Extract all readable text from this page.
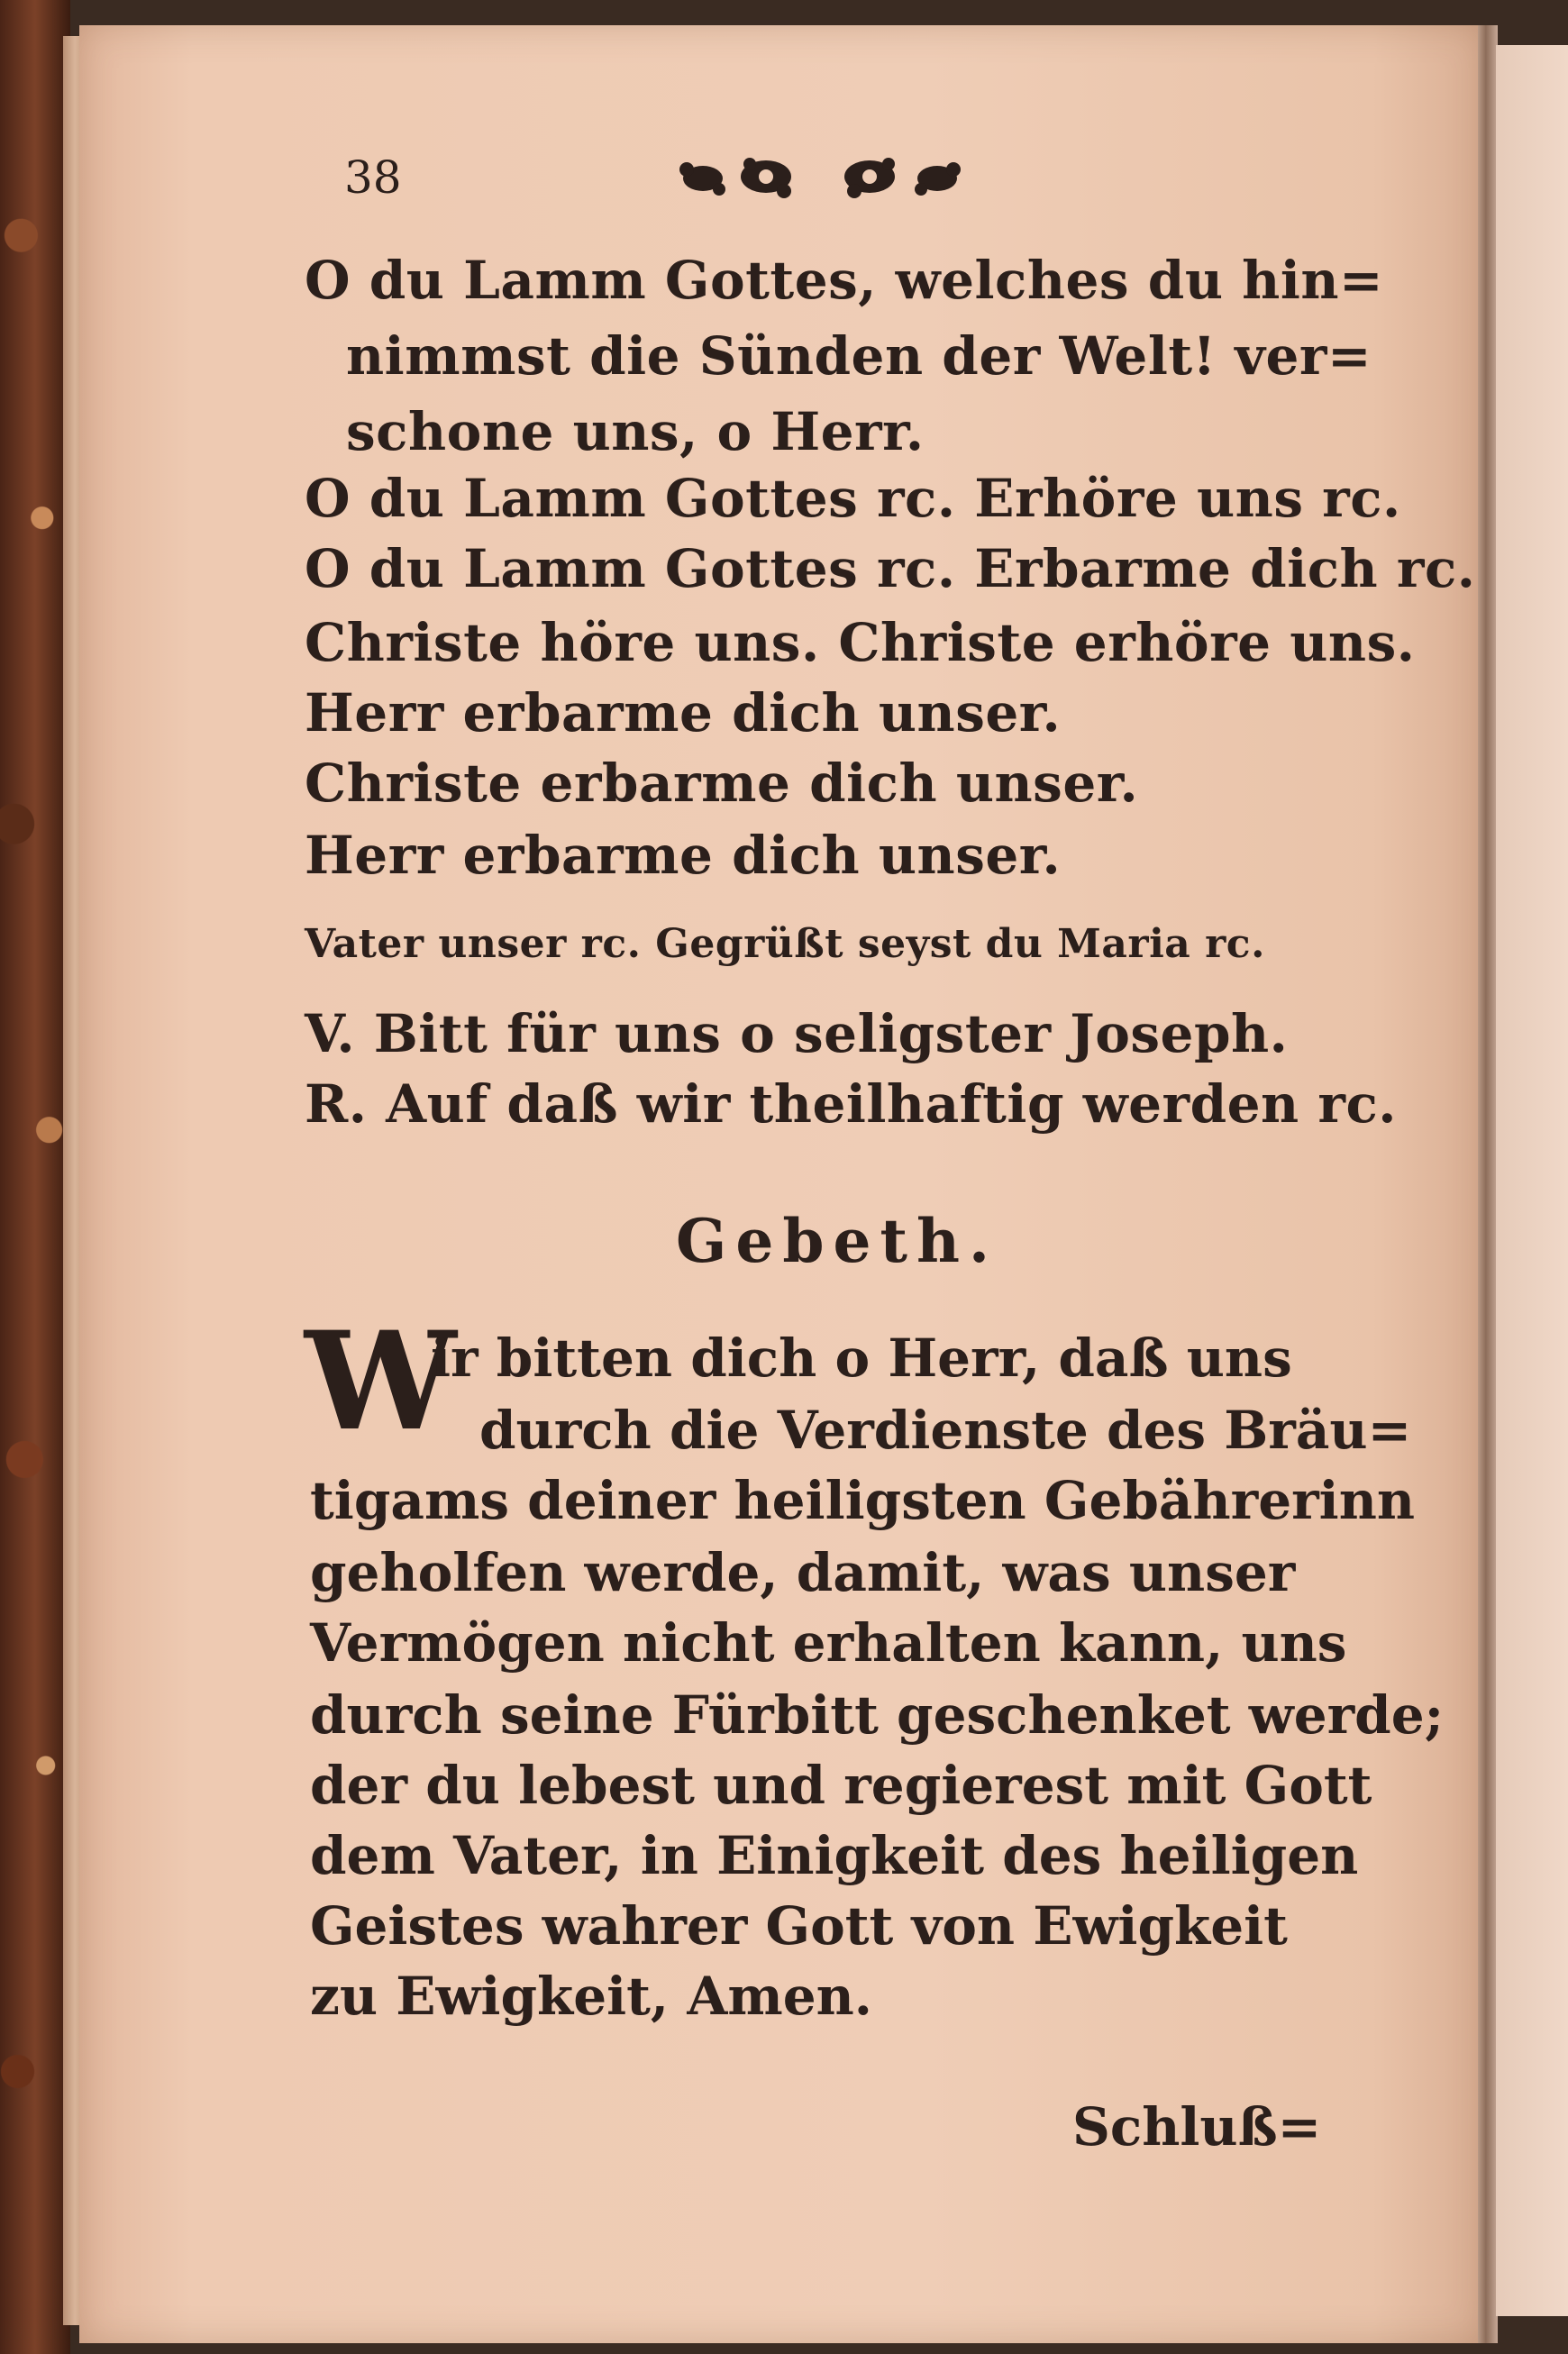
38
O du Lamm Gottes, welches du hin=
nimmst die Sünden der Welt! ver=
schone uns, o Herr.
O du Lamm Gottes rc. Erhöre uns rc.
O du Lamm Gottes rc. Erbarme dich rc.
Christe höre uns. Christe erhöre uns.
Herr erbarme dich unser.
Christe erbarme dich unser.
Herr erbarme dich unser.
Vater unser rc. Gegrüßt seyst du Maria rc.
V. Bitt für uns o seligster Joseph.
R. Auf daß wir theilhaftig werden rc.
Gebeth.
W
ir bitten dich o Herr, daß uns
durch die Verdienste des Bräu=
tigams deiner heiligsten Gebährerinn
geholfen werde, damit, was unser
Vermögen nicht erhalten kann, uns
durch seine Fürbitt geschenket werde;
der du lebest und regierest mit Gott
dem Vater, in Einigkeit des heiligen
Geistes wahrer Gott von Ewigkeit
zu Ewigkeit, Amen.
Schluß=
